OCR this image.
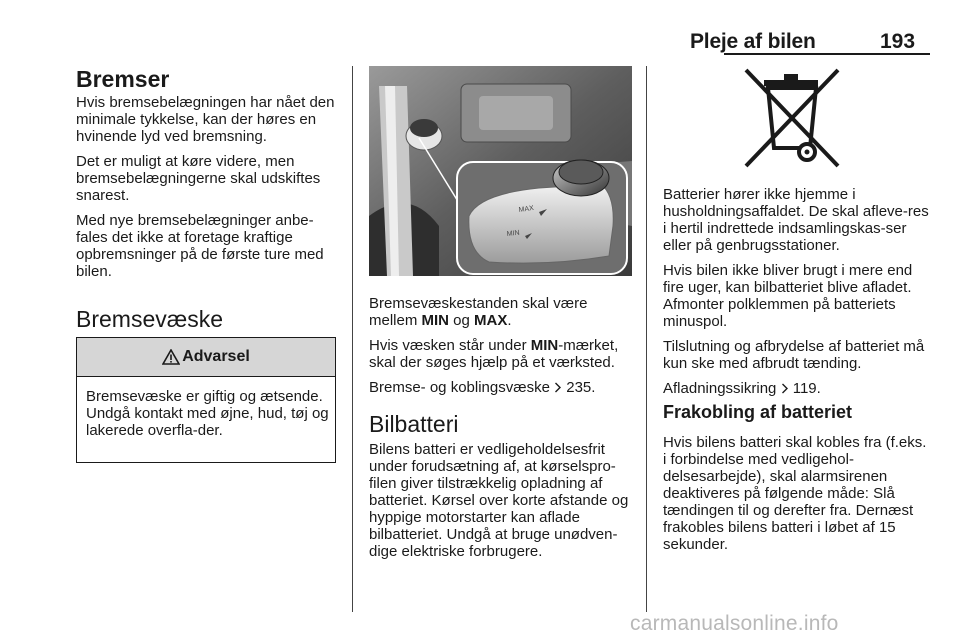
Pleje af bilen	193
Bremser

Hvis bremsebelægningen har nået den minimale tykkelse, kan der høres en hvinende lyd ved bremsning.

Det er muligt at køre videre, men bremsebelægningerne skal udskiftes snarest.

Med nye bremsebelægninger anbe-fales det ikke at foretage kraftige opbremsninger på de første ture med bilen.

Bremsevæske
Advarsel
Bremsevæske er giftig og ætsende. Undgå kontakt med øjne, hud, tøj og lakerede overfla-der.
MAX
MIN

Bremsevæskestanden skal være mellem MIN og MAX.

Hvis væsken står under MIN-mærket, skal der søges hjælp på et værksted.

Bremse- og koblingsvæske  235.

Bilbatteri
Bilens batteri er vedligeholdelsesfrit under forudsætning af, at kørselspro-filen giver tilstrækkelig opladning af batteriet. Kørsel over korte afstande og hyppige motorstarter kan aflade bilbatteriet. Undgå at bruge unødven-dige elektriske forbrugere.

Batterier hører ikke hjemme i husholdningsaffaldet. De skal afleve-res i hertil indrettede indsamlingskas-ser eller på genbrugsstationer.

Hvis bilen ikke bliver brugt i mere end fire uger, kan bilbatteriet blive afladet. Afmonter polklemmen på batteriets minuspol.

Tilslutning og afbrydelse af batteriet må kun ske med afbrudt tænding.

Afladningssikring  119.

Frakobling af batteriet
Hvis bilens batteri skal kobles fra (f.eks. i forbindelse med vedligehol-delsesarbejde), skal alarmsirenen deaktiveres på følgende måde: Slå tændingen til og derefter fra. Dernæst frakobles bilens batteri i løbet af 15 sekunder.
carmanualsonline.info
